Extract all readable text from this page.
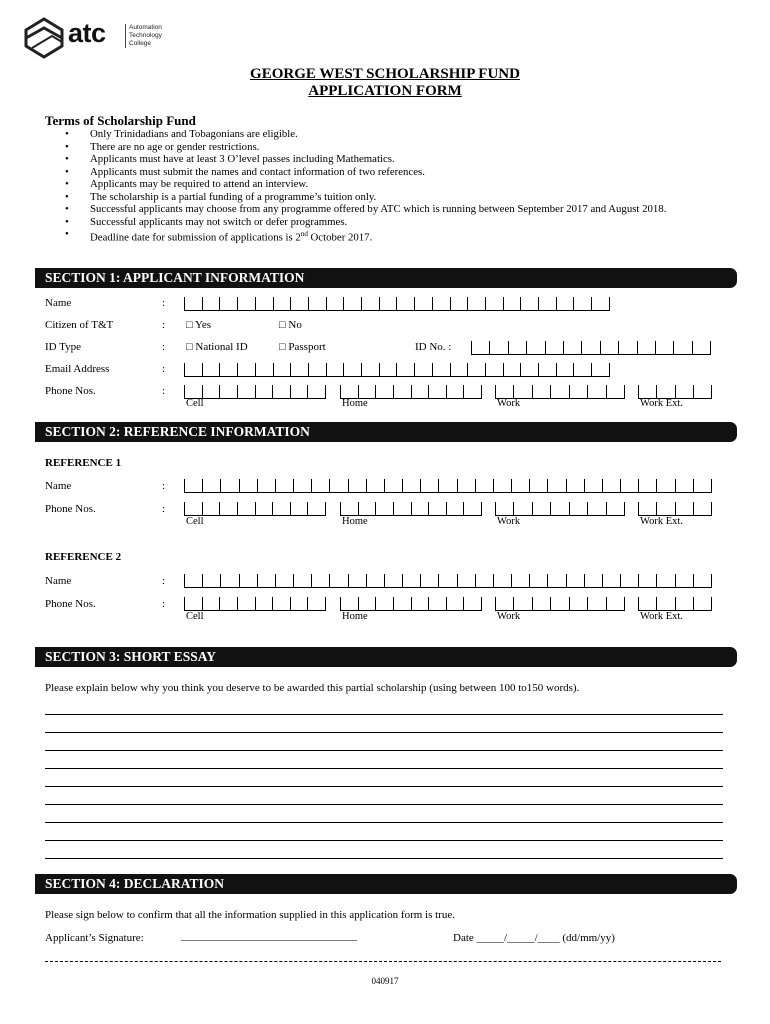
atc	Automation
Technology
College
GEORGE WEST SCHOLARSHIP FUND
APPLICATION FORM
Terms of Scholarship Fund
• Only Trinidadians and Tobagonians are eligible.
• There are no age or gender restrictions.
• Applicants must have at least 3 O’level passes including Mathematics.
• Applicants must submit the names and contact information of two references.
• Applicants may be required to attend an interview.
• The scholarship is a partial funding of a programme’s tuition only.
• Successful applicants may choose from any programme offered by ATC which is running between September 2017 and August 2018.
• Successful applicants may not switch or defer programmes.
• Deadline date for submission of applications is 2nd October 2017.
SECTION 1: APPLICANT INFORMATION
Name	:
Citizen of T&T	: □ Yes	□ No
ID Type	: □ National ID	□ Passport	ID No. :
Email Address	:
Phone Nos.	:
Cell	Home	Work	Work Ext.
SECTION 2: REFERENCE INFORMATION
REFERENCE 1
Name	:
Phone Nos.	:
Cell	Home	Work	Work Ext.
REFERENCE 2
Name	:
Phone Nos.	:
Cell	Home	Work	Work Ext.
SECTION 3: SHORT ESSAY
Please explain below why you think you deserve to be awarded this partial scholarship (using between 100 to150 words).
SECTION 4: DECLARATION
Please sign below to confirm that all the information supplied in this application form is true.
Applicant’s Signature:	________________________________	Date _____/_____/____ (dd/mm/yy)
040917
